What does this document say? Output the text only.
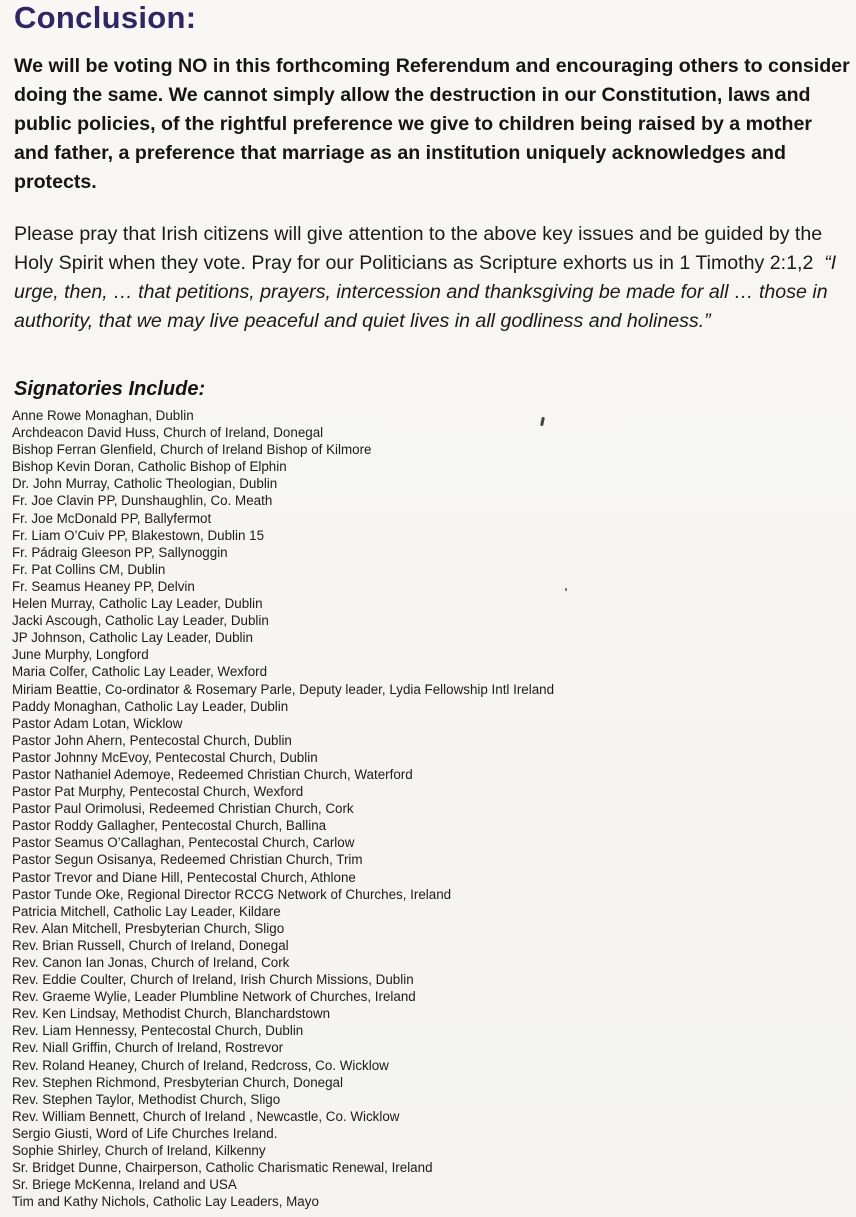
Conclusion:

We will be voting NO in this forthcoming Referendum and encouraging others to consider doing the same. We cannot simply allow the destruction in our Constitution, laws and public policies, of the rightful preference we give to children being raised by a mother and father, a preference that marriage as an institution uniquely acknowledges and protects.

Please pray that Irish citizens will give attention to the above key issues and be guided by the Holy Spirit when they vote. Pray for our Politicians as Scripture exhorts us in 1 Timothy 2:1,2 “I urge, then, … that petitions, prayers, intercession and thanksgiving be made for all … those in authority, that we may live peaceful and quiet lives in all godliness and holiness.”

Signatories Include:
Anne Rowe Monaghan, Dublin
Archdeacon David Huss, Church of Ireland, Donegal
Bishop Ferran Glenfield, Church of Ireland Bishop of Kilmore
Bishop Kevin Doran, Catholic Bishop of Elphin
Dr. John Murray, Catholic Theologian, Dublin
Fr. Joe Clavin PP, Dunshaughlin, Co. Meath
Fr. Joe McDonald PP, Ballyfermot
Fr. Liam O’Cuiv PP, Blakestown, Dublin 15
Fr. Pádraig Gleeson PP, Sallynoggin
Fr. Pat Collins CM, Dublin
Fr. Seamus Heaney PP, Delvin
Helen Murray, Catholic Lay Leader, Dublin
Jacki Ascough, Catholic Lay Leader, Dublin
JP Johnson, Catholic Lay Leader, Dublin
June Murphy, Longford
Maria Colfer, Catholic Lay Leader, Wexford
Miriam Beattie, Co-ordinator & Rosemary Parle, Deputy leader, Lydia Fellowship Intl Ireland
Paddy Monaghan, Catholic Lay Leader, Dublin
Pastor Adam Lotan, Wicklow
Pastor John Ahern, Pentecostal Church, Dublin
Pastor Johnny McEvoy, Pentecostal Church, Dublin
Pastor Nathaniel Ademoye, Redeemed Christian Church, Waterford
Pastor Pat Murphy, Pentecostal Church, Wexford
Pastor Paul Orimolusi, Redeemed Christian Church, Cork
Pastor Roddy Gallagher, Pentecostal Church, Ballina
Pastor Seamus O’Callaghan, Pentecostal Church, Carlow
Pastor Segun Osisanya, Redeemed Christian Church, Trim
Pastor Trevor and Diane Hill, Pentecostal Church, Athlone
Pastor Tunde Oke, Regional Director RCCG Network of Churches, Ireland
Patricia Mitchell, Catholic Lay Leader, Kildare
Rev. Alan Mitchell, Presbyterian Church, Sligo
Rev. Brian Russell, Church of Ireland, Donegal
Rev. Canon Ian Jonas, Church of Ireland, Cork
Rev. Eddie Coulter, Church of Ireland, Irish Church Missions, Dublin
Rev. Graeme Wylie, Leader Plumbline Network of Churches, Ireland
Rev. Ken Lindsay, Methodist Church, Blanchardstown
Rev. Liam Hennessy, Pentecostal Church, Dublin
Rev. Niall Griffin, Church of Ireland, Rostrevor
Rev. Roland Heaney, Church of Ireland, Redcross, Co. Wicklow
Rev. Stephen Richmond, Presbyterian Church, Donegal
Rev. Stephen Taylor, Methodist Church, Sligo
Rev. William Bennett, Church of Ireland , Newcastle, Co. Wicklow
Sergio Giusti, Word of Life Churches Ireland.
Sophie Shirley, Church of Ireland, Kilkenny
Sr. Bridget Dunne, Chairperson, Catholic Charismatic Renewal, Ireland
Sr. Briege McKenna, Ireland and USA
Tim and Kathy Nichols, Catholic Lay Leaders, Mayo
